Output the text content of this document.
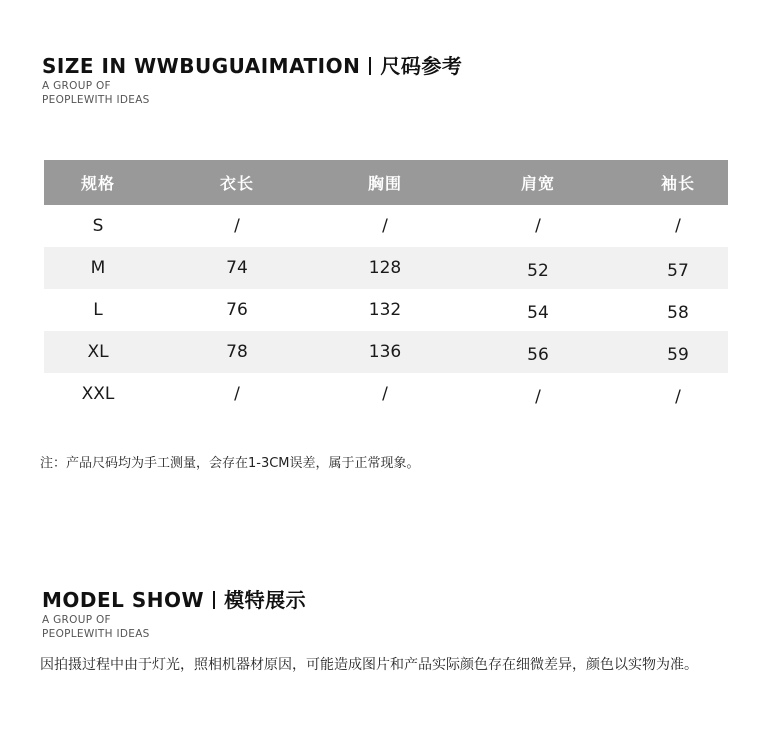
SIZE IN WWBUGUAIMATION 尺码参考
A GROUP OF
PEOPLEWITH IDEAS
规格	衣长	胸围	肩宽	袖长
S	/	/	/	/
M	74	128	52	57
L	76	132	54	58
XL	78	136	56	59
XXL	/	/	/	/
注：产品尺码均为手工测量，会存在1-3CM误差，属于正常现象。
MODEL SHOW 模特展示
A GROUP OF
PEOPLEWITH IDEAS
因拍摄过程中由于灯光，照相机器材原因，可能造成图片和产品实际颜色存在细微差异，颜色以实物为准。
